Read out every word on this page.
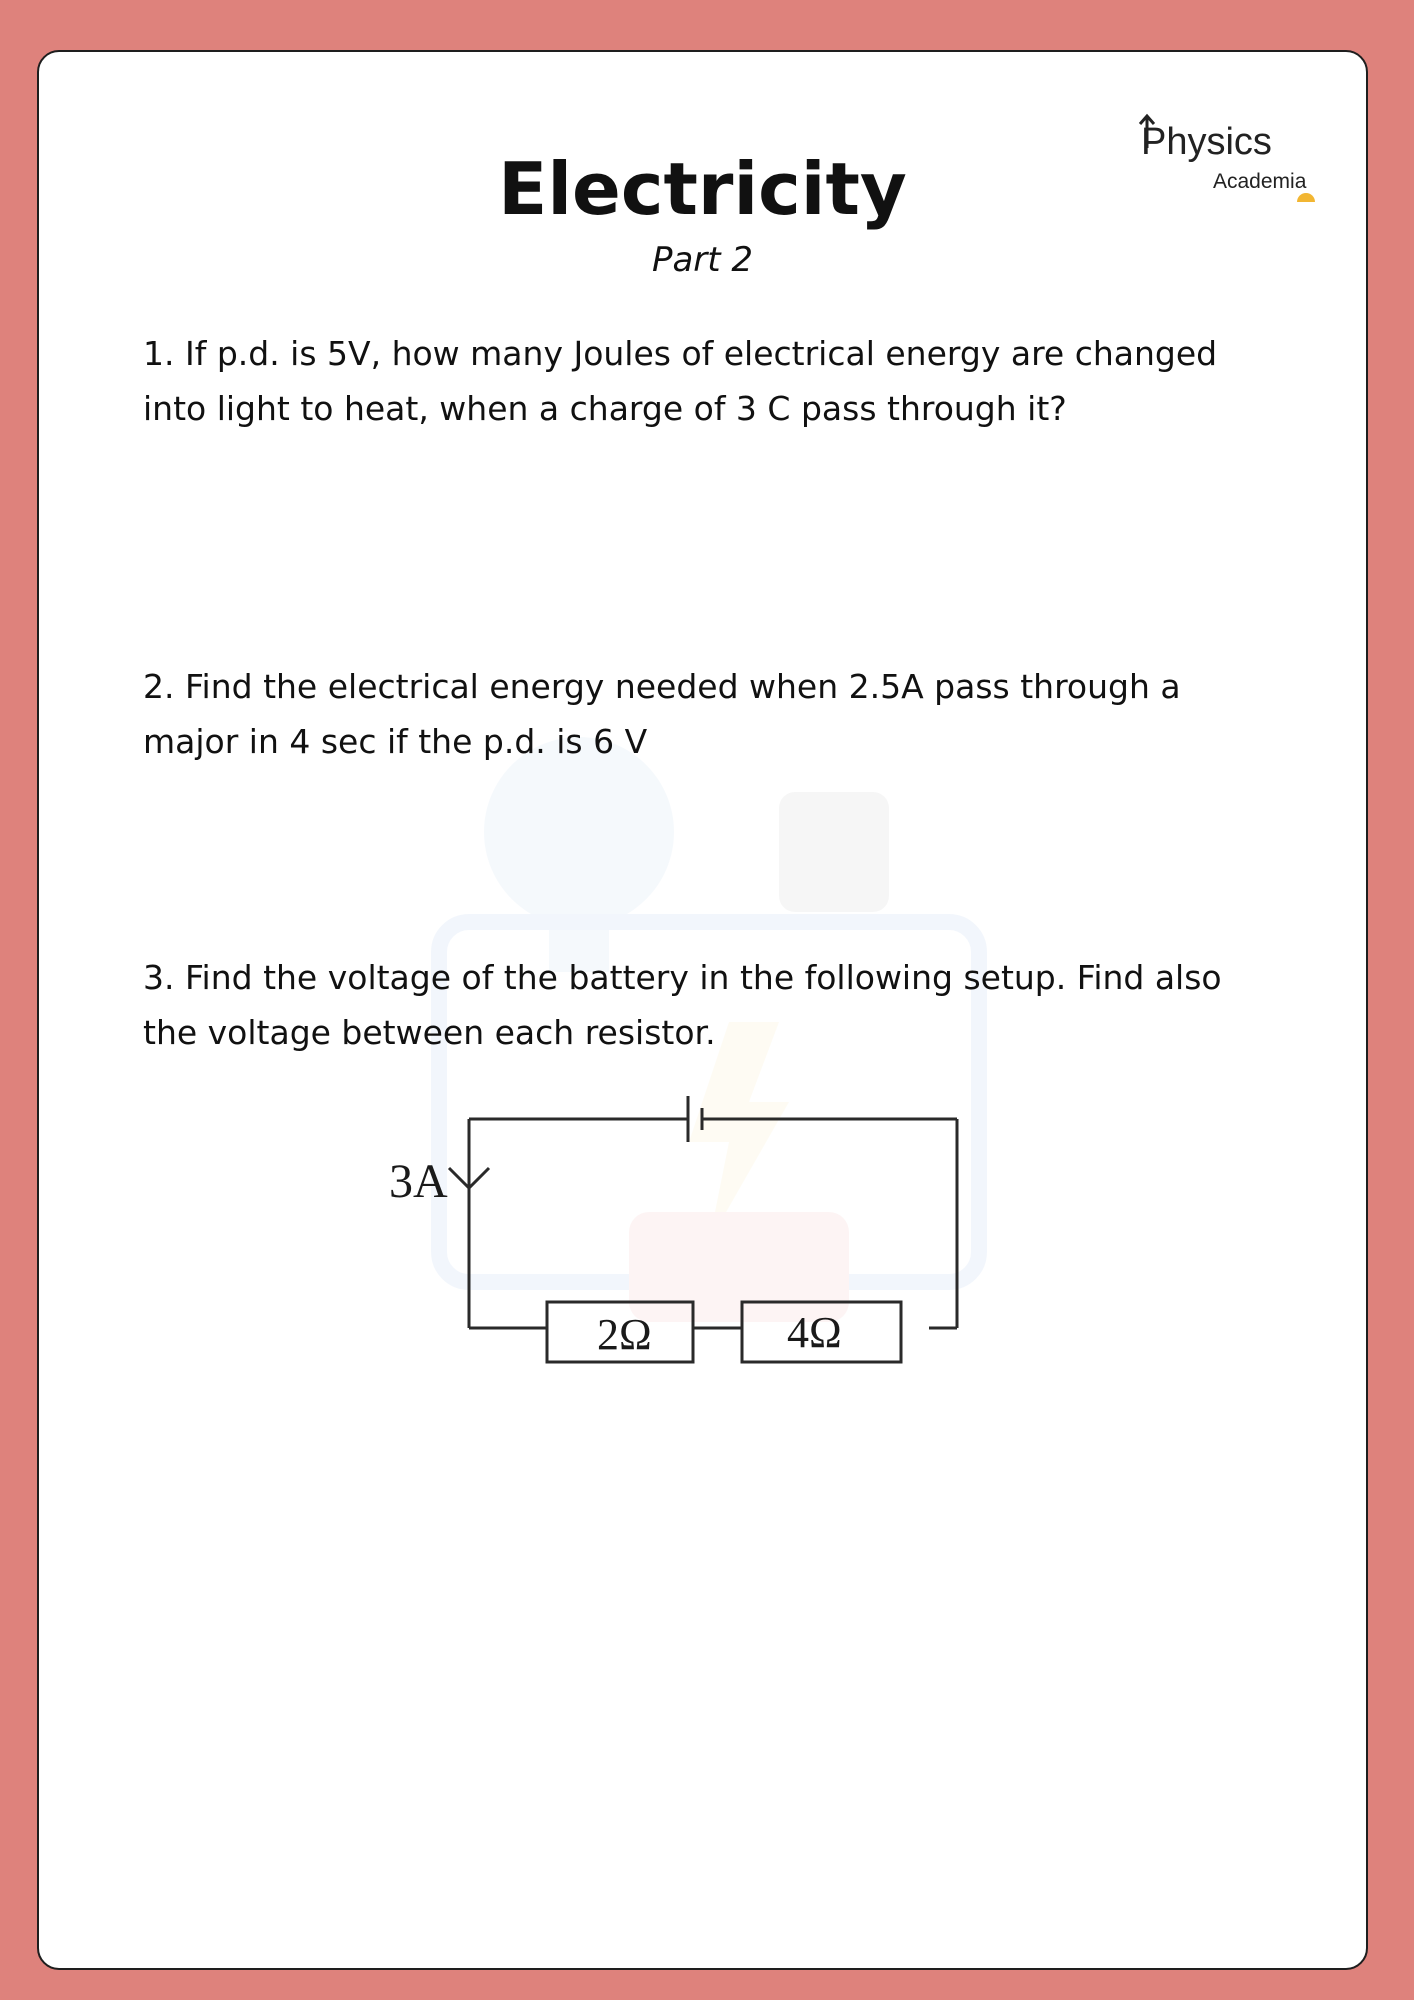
Physics
Academia
Electricity
Part 2

1. If p.d. is 5V, how many Joules of electrical energy are changed into light to heat, when a charge of 3 C pass through it?

2. Find the electrical energy needed when 2.5A pass through a major in 4 sec if the p.d. is 6 V

3. Find the voltage of the battery in the following setup. Find also the voltage between each resistor.

3A
2Ω	4Ω
